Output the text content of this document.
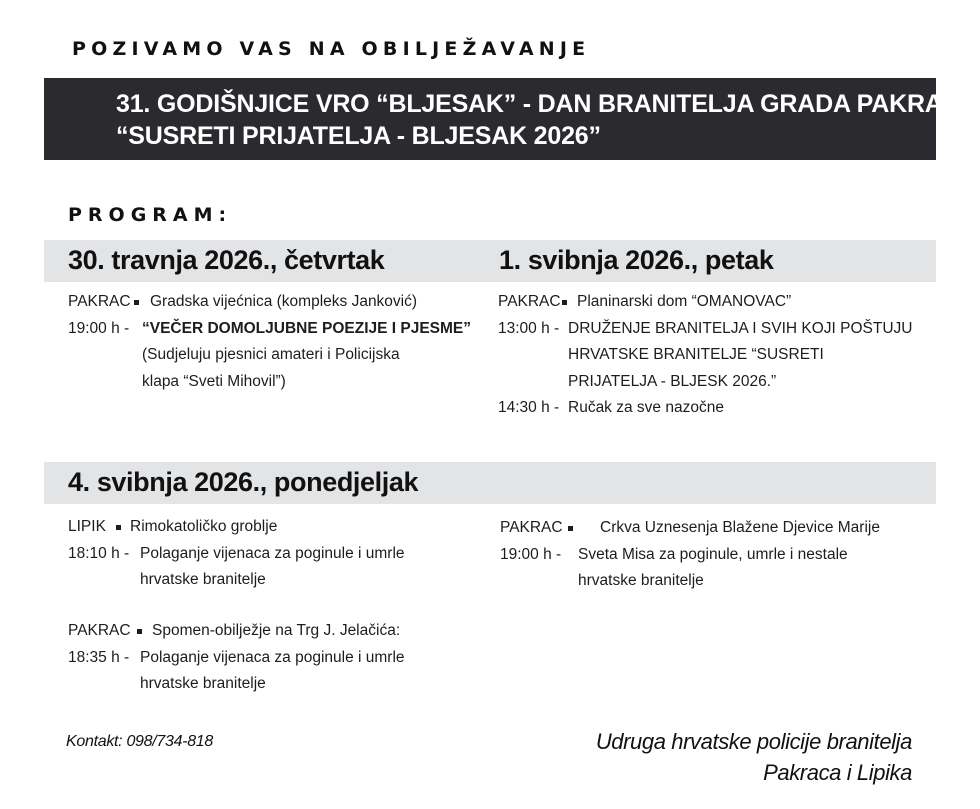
POZIVAMO VAS NA OBILJEŽAVANJE
31. GODIŠNJICE VRO “BLJESAK” - DAN BRANITELJA GRADA PAKRACA
“SUSRETI PRIJATELJA - BLJESAK 2026”
PROGRAM:
30. travnja 2026., četvrtak	1. svibnja 2026., petak
PAKRAC Gradska vijećnica (kompleks Janković)
19:00 h - “VEČER DOMOLJUBNE POEZIJE I PJESME”
(Sudjeluju pjesnici amateri i Policijska
klapa “Sveti Mihovil”)
PAKRAC Planinarski dom “OMANOVAC”
13:00 h - DRUŽENJE BRANITELJA I SVIH KOJI POŠTUJU
HRVATSKE BRANITELJE “SUSRETI
PRIJATELJA - BLJESK 2026.”
14:30 h - Ručak za sve nazočne
4. svibnja 2026., ponedjeljak
LIPIK Rimokatoličko groblje
18:10 h - Polaganje vijenaca za poginule i umrle
hrvatske branitelje
PAKRAC Spomen-obilježje na Trg J. Jelačića:
18:35 h - Polaganje vijenaca za poginule i umrle
hrvatske branitelje
PAKRAC Crkva Uznesenja Blažene Djevice Marije
19:00 h - Sveta Misa za poginule, umrle i nestale
hrvatske branitelje
Kontakt: 098/734-818	Udruga hrvatske policije branitelja
Pakraca i Lipika
